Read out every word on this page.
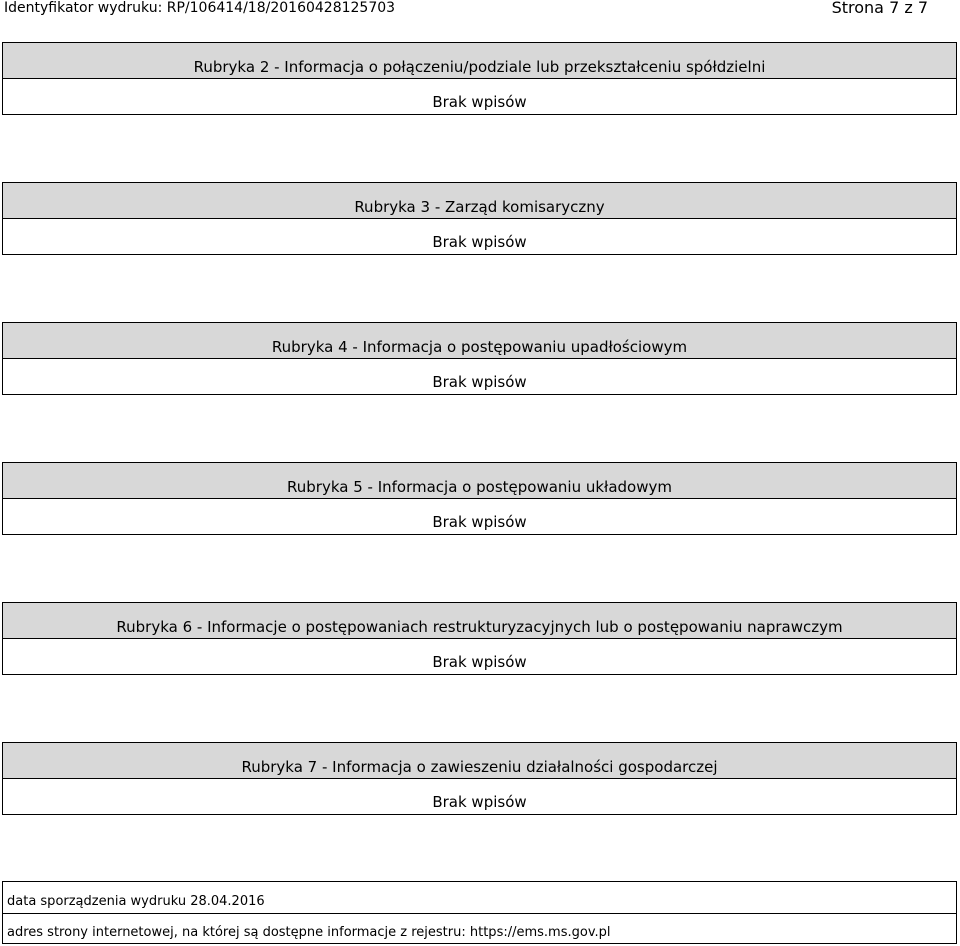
Identyfikator wydruku: RP/106414/18/20160428125703	Strona 7 z 7
Rubryka 2 - Informacja o połączeniu/podziale lub przekształceniu spółdzielni
Brak wpisów
Rubryka 3 - Zarząd komisaryczny
Brak wpisów
Rubryka 4 - Informacja o postępowaniu upadłościowym
Brak wpisów
Rubryka 5 - Informacja o postępowaniu układowym
Brak wpisów
Rubryka 6 - Informacje o postępowaniach restrukturyzacyjnych lub o postępowaniu naprawczym
Brak wpisów
Rubryka 7 - Informacja o zawieszeniu działalności gospodarczej
Brak wpisów
data sporządzenia wydruku 28.04.2016
adres strony internetowej, na której są dostępne informacje z rejestru: https://ems.ms.gov.pl
